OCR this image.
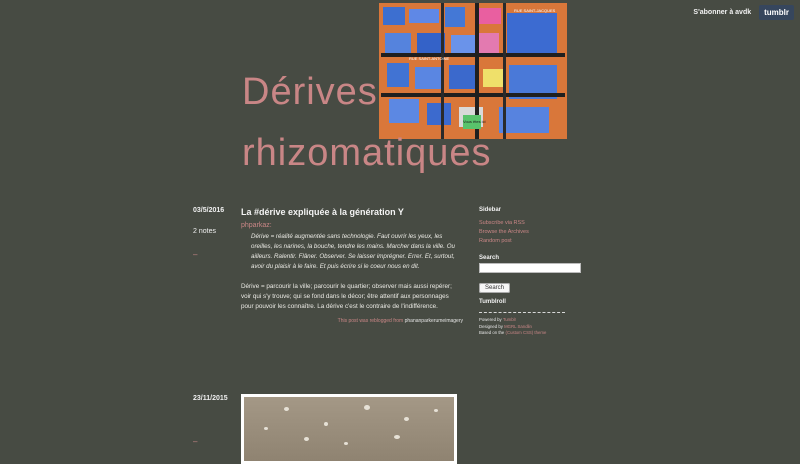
S'abonner à avdk	tumblr
RUE SAINT-JACQUES
RUE SAINT-ANTOINE
Vous êtes ici
Dérives
rhizomatiques
03/5/2016
2 notes
–
La #dérive expliquée à la génération Y
phparkaz:

Dérive = réalité augmentée sans technologie. Faut ouvrir les yeux, les oreilles, les narines, la bouche, tendre les mains. Marcher dans la ville. Ou ailleurs. Ralentir. Flâner. Observer. Se laisser imprégner. Errer. Et, surtout, avoir du plaisir à le faire. Et puis écrire si le coeur nous en dit.

Dérive = parcourir la ville; parcourir le quartier; observer mais aussi repérer; voir qui s'y trouve; qui se fond dans le décor; être attentif aux personnages pour pouvoir les connaître. La dérive c'est le contraire de l'indifférence.

This post was reblogged from phananparkerumeimagery
Sidebar
Subscribe via RSS
Browse the Archives
Random post
Search
Search
Tumblroll
Powered by Tumblr
Designed by MGRL Sandlin
Based on the (Custom CSS) theme
23/11/2015
–
